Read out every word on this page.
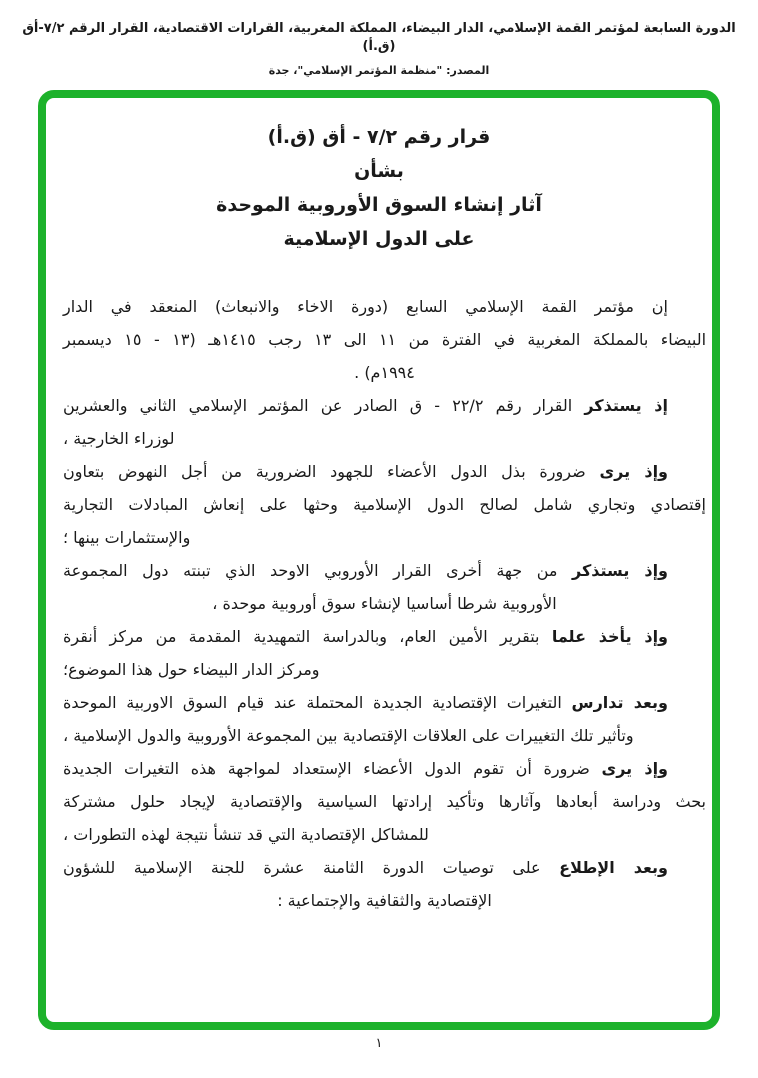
الدورة السابعة لمؤتمر القمة الإسلامي، الدار البيضاء، المملكة المغربية، القرارات الاقتصادية، القرار الرقم ٧/٢-أق (ق.أ)
المصدر: "منظمة المؤتمر الإسلامي"، جدة
قرار رقم ٧/٢ - أق (ق.أ)
بشأن
آثار إنشاء السوق الأوروبية الموحدة
على الدول الإسلامية
إن مؤتمر القمة الإسلامي السابع (دورة الاخاء والانبعاث) المنعقد في الدار
البيضاء بالمملكة المغربية في الفترة من ١١ الى ١٣ رجب ١٤١٥هـ (١٣ - ١٥ ديسمبر
١٩٩٤م) .
إذ يستذكر القرار رقم ٢٢/٢ - ق الصادر عن المؤتمر الإسلامي الثاني والعشرين
لوزراء الخارجية ،
وإذ يرى ضرورة بذل الدول الأعضاء للجهود الضرورية من أجل النهوض بتعاون
إقتصادي وتجاري شامل لصالح الدول الإسلامية وحثها على إنعاش المبادلات التجارية
والإستثمارات بينها ؛
وإذ يستذكر من جهة أخرى القرار الأوروبي الاوحد الذي تبنته دول المجموعة
الأوروبية شرطا أساسيا لإنشاء سوق أوروبية موحدة ،
وإذ يأخذ علما بتقرير الأمين العام، وبالدراسة التمهيدية المقدمة من مركز أنقرة
ومركز الدار البيضاء حول هذا الموضوع؛
وبعد تدارس التغيرات الإقتصادية الجديدة المحتملة عند قيام السوق الاوربية الموحدة
وتأثير تلك التغييرات على العلاقات الإقتصادية بين المجموعة الأوروبية والدول الإسلامية ،
وإذ يرى ضرورة أن تقوم الدول الأعضاء الإستعداد لمواجهة هذه التغيرات الجديدة
بحث ودراسة أبعادها وآثارها وتأكيد إرادتها السياسية والإقتصادية لإيجاد حلول مشتركة
للمشاكل الإقتصادية التي قد تنشأ نتيجة لهذه التطورات ،
وبعد الإطلاع على توصيات الدورة الثامنة عشرة للجنة الإسلامية للشؤون
الإقتصادية والثقافية والإجتماعية :
١
